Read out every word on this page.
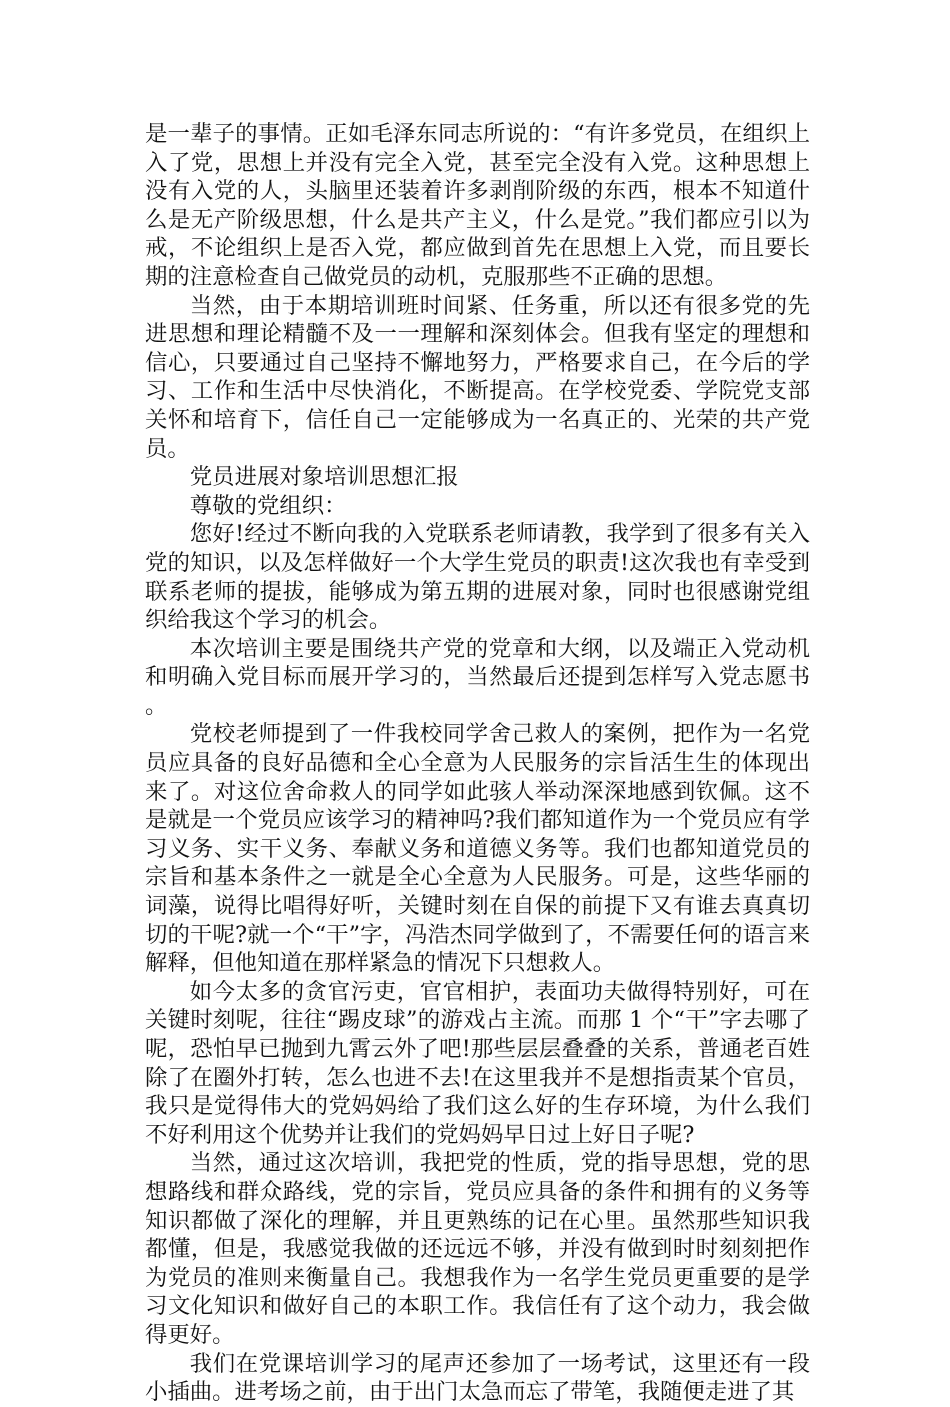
是一辈子的事情。正如毛泽东同志所说的：“有许多党员，在组织上入了党，思想上并没有完全入党，甚至完全没有入党。这种思想上没有入党的人，头脑里还装着许多剥削阶级的东西，根本不知道什么是无产阶级思想，什么是共产主义，什么是党。”我们都应引以为戒，不论组织上是否入党，都应做到首先在思想上入党，而且要长期的注意检查自己做党员的动机，克服那些不正确的思想。

当然，由于本期培训班时间紧、任务重，所以还有很多党的先进思想和理论精髓不及一一理解和深刻体会。但我有坚定的理想和信心，只要通过自己坚持不懈地努力，严格要求自己，在今后的学习、工作和生活中尽快消化，不断提高。在学校党委、学院党支部关怀和培育下，信任自己一定能够成为一名真正的、光荣的共产党员。

党员进展对象培训思想汇报

尊敬的党组织：

您好!经过不断向我的入党联系老师请教，我学到了很多有关入党的知识，以及怎样做好一个大学生党员的职责!这次我也有幸受到联系老师的提拔，能够成为第五期的进展对象，同时也很感谢党组织给我这个学习的机会。

本次培训主要是围绕共产党的党章和大纲，以及端正入党动机和明确入党目标而展开学习的，当然最后还提到怎样写入党志愿书。

党校老师提到了一件我校同学舍己救人的案例，把作为一名党员应具备的良好品德和全心全意为人民服务的宗旨活生生的体现出来了。对这位舍命救人的同学如此骇人举动深深地感到钦佩。这不是就是一个党员应该学习的精神吗?我们都知道作为一个党员应有学习义务、实干义务、奉献义务和道德义务等。我们也都知道党员的宗旨和基本条件之一就是全心全意为人民服务。可是，这些华丽的词藻，说得比唱得好听，关键时刻在自保的前提下又有谁去真真切切的干呢?就一个“干”字，冯浩杰同学做到了，不需要任何的语言来解释，但他知道在那样紧急的情况下只想救人。

如今太多的贪官污吏，官官相护，表面功夫做得特别好，可在关键时刻呢，往往“踢皮球”的游戏占主流。而那 1 个“干”字去哪了呢，恐怕早已抛到九霄云外了吧!那些层层叠叠的关系，普通老百姓除了在圈外打转，怎么也进不去!在这里我并不是想指责某个官员，我只是觉得伟大的党妈妈给了我们这么好的生存环境，为什么我们不好利用这个优势并让我们的党妈妈早日过上好日子呢?

当然，通过这次培训，我把党的性质，党的指导思想，党的思想路线和群众路线，党的宗旨，党员应具备的条件和拥有的义务等知识都做了深化的理解，并且更熟练的记在心里。虽然那些知识我都懂，但是，我感觉我做的还远远不够，并没有做到时时刻刻把作为党员的准则来衡量自己。我想我作为一名学生党员更重要的是学习文化知识和做好自己的本职工作。我信任有了这个动力，我会做得更好。

我们在党课培训学习的尾声还参加了一场考试，这里还有一段小插曲。进考场之前，由于出门太急而忘了带笔，我随便走进了其
